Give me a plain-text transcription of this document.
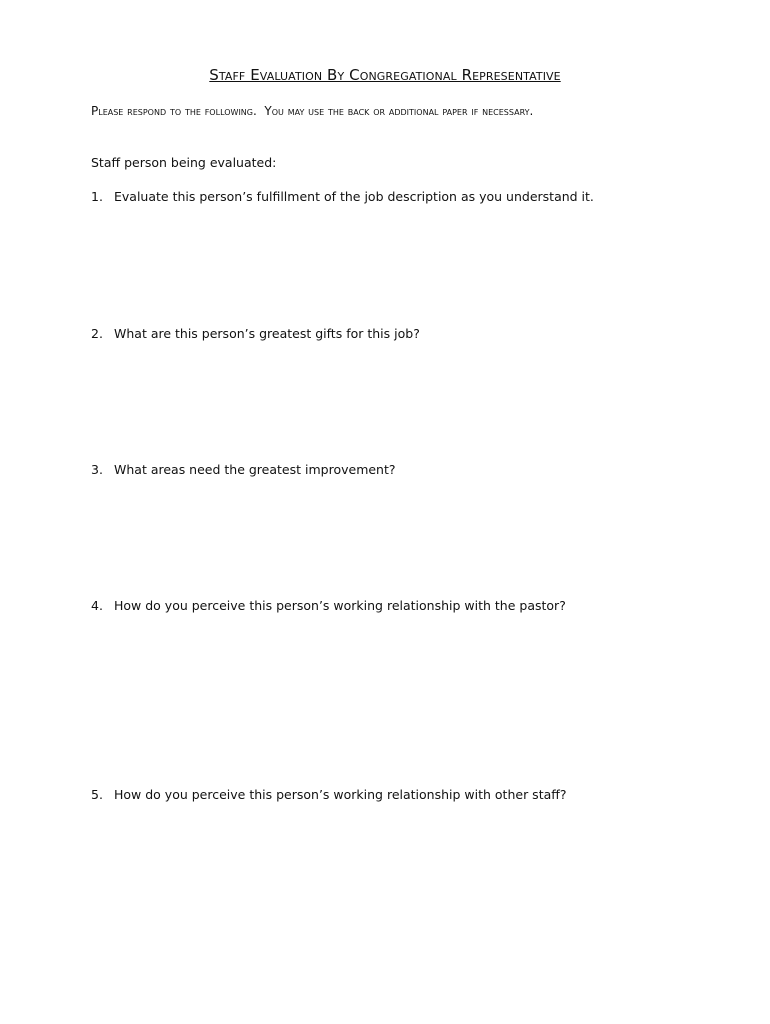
Staff Evaluation By Congregational Representative
Please respond to the following.  You may use the back or additional paper if necessary.
Staff person being evaluated:
1. Evaluate this person’s fulfillment of the job description as you understand it.
2. What are this person’s greatest gifts for this job?
3. What areas need the greatest improvement?
4. How do you perceive this person’s working relationship with the pastor?
5. How do you perceive this person’s working relationship with other staff?
